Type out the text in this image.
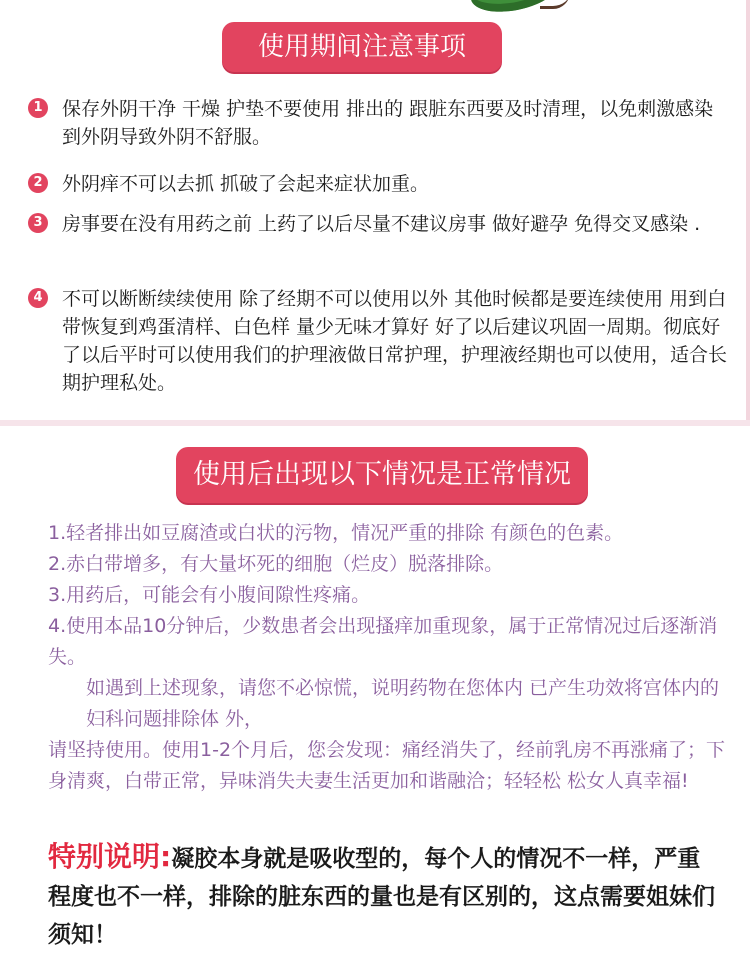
使用期间注意事项
1 保存外阴干净 干燥 护垫不要使用 排出的 跟脏东西要及时清理，以免刺激感染到外阴导致外阴不舒服。
2 外阴痒不可以去抓 抓破了会起来症状加重。
3 房事要在没有用药之前 上药了以后尽量不建议房事 做好避孕 免得交叉感染 .
4 不可以断断续续使用 除了经期不可以使用以外 其他时候都是要连续使用 用到白带恢复到鸡蛋清样、白色样 量少无味才算好 好了以后建议巩固一周期。彻底好了以后平时可以使用我们的护理液做日常护理，护理液经期也可以使用，适合长期护理私处。
使用后出现以下情况是正常情况
1.轻者排出如豆腐渣或白状的污物，情况严重的排除 有颜色的色素。
2.赤白带增多，有大量坏死的细胞（烂皮）脱落排除。
3.用药后，可能会有小腹间隙性疼痛。
4.使用本品10分钟后，少数患者会出现搔痒加重现象，属于正常情况过后逐渐消失。
如遇到上述现象，请您不必惊慌，说明药物在您体内 已产生功效将宫体内的妇科问题排除体 外，
请坚持使用。使用1-2个月后，您会发现：痛经消失了，经前乳房不再涨痛了；下身清爽，白带正常，异味消失夫妻生活更加和谐融洽；轻轻松 松女人真幸福!
特别说明:凝胶本身就是吸收型的，每个人的情况不一样，严重程度也不一样，排除的脏东西的量也是有区别的，这点需要姐妹们须知！
